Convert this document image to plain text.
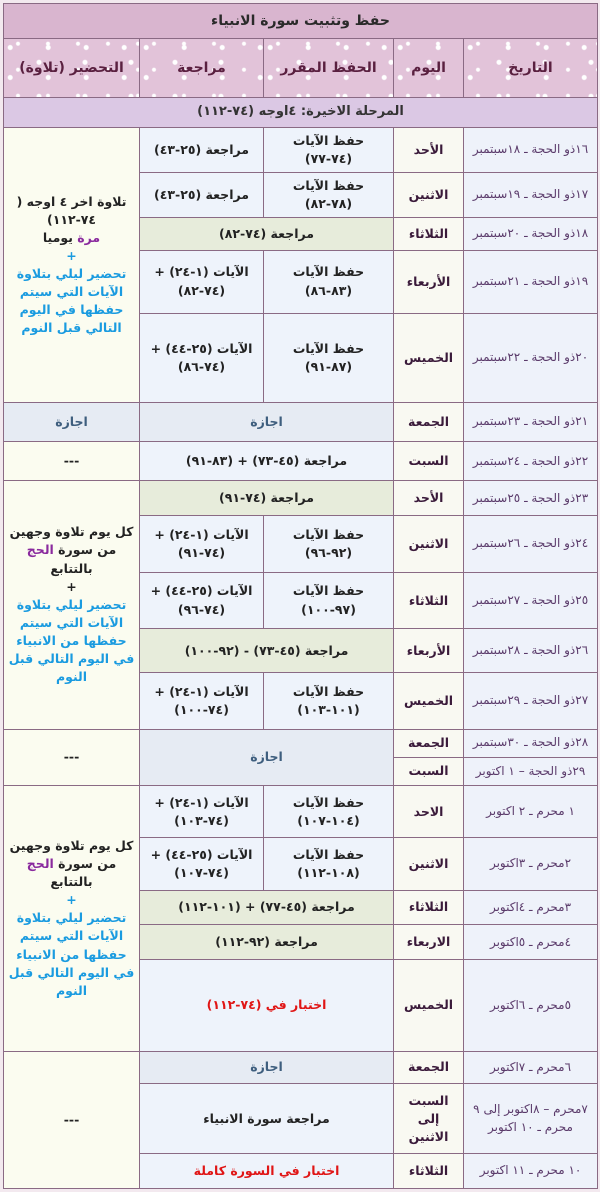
حفظ وتثبيت سورة الانبياء				
التاريخ	اليوم	الحفظ المقرر	مراجعة	التحضير (تلاوة)
المرحلة الاخيرة: ٤اوجه (٧٤-١١٢)				
١٦ذو الحجة ـ ١٨سبتمبر	الأحد	حفظ الآيات (٧٤-٧٧)	مراجعة (٢٥-٤٣)	تلاوة اخر ٤ اوجه ( ٧٤-١١٢)
مرة يوميا
+
تحضير ليلي بتلاوة الآيات التي سيتم حفظها في اليوم التالي قبل النوم
١٧ذو الحجة ـ ١٩سبتمبر	الاثنين	حفظ الآيات (٧٨-٨٢)	مراجعة (٢٥-٤٣)	
١٨ذو الحجة ـ ٢٠سبتمبر	الثلاثاء	مراجعة (٧٤-٨٢)		
١٩ذو الحجة ـ ٢١سبتمبر	الأربعاء	حفظ الآيات (٨٣-٨٦)	الآيات (١-٢٤) + (٧٤-٨٢)	
٢٠ذو الحجة ـ ٢٢سبتمبر	الخميس	حفظ الآيات (٨٧-٩١)	الآيات (٢٥-٤٤) + (٧٤-٨٦)	
٢١ذو الحجة ـ ٢٣سبتمبر	الجمعة	اجازة		اجازة
٢٢ذو الحجة ـ ٢٤سبتمبر	السبت	مراجعة (٤٥-٧٣) + (٨٣-٩١)		---
٢٣ذو الحجة ـ ٢٥سبتمبر	الأحد	مراجعة (٧٤-٩١)		كل يوم تلاوة وجهين من سورة الحج
بالتتابع
+
تحضير ليلي بتلاوة الآيات التي سيتم
حفظها من الانبياء في اليوم التالي قبل النوم
٢٤ذو الحجة ـ ٢٦سبتمبر	الاثنين	حفظ الآيات (٩٢-٩٦)	الآيات (١-٢٤) + (٧٤-٩١)	
٢٥ذو الحجة ـ ٢٧سبتمبر	الثلاثاء	حفظ الآيات (٩٧-١٠٠)	الآيات (٢٥-٤٤) + (٧٤-٩٦)	
٢٦ذو الحجة ـ ٢٨سبتمبر	الأربعاء	مراجعة (٤٥-٧٣) - (٩٢-١٠٠)		
٢٧ذو الحجة ـ ٢٩سبتمبر	الخميس	حفظ الآيات (١٠١-١٠٣)	الآيات (١-٢٤) + (٧٤-١٠٠)	
٢٨ذو الحجة ـ ٣٠سبتمبر	الجمعة	اجازة		---
٢٩ذو الحجة – ١ اكتوبر	السبت			
١ محرم ـ ٢ اكتوبر	الاحد	حفظ الآيات (١٠٤-١٠٧)	الآيات (١-٢٤) + (٧٤-١٠٣)	كل يوم تلاوة وجهين من سورة الحج
بالتتابع
+
تحضير ليلي بتلاوة الآيات التي سيتم
حفظها من الانبياء في اليوم التالي قبل النوم
٢محرم ـ ٣اكتوبر	الاثنين	حفظ الآيات (١٠٨-١١٢)	الآيات (٢٥-٤٤) + (٧٤-١٠٧)	
٣محرم ـ ٤اكتوبر	الثلاثاء	مراجعة (٤٥-٧٧) + (١٠١-١١٢)		
٤محرم ـ ٥اكتوبر	الاربعاء	مراجعة (٩٢-١١٢)		
٥محرم ـ ٦اكتوبر	الخميس	اختبار في (٧٤-١١٢)		
٦محرم ـ ٧اكتوبر	الجمعة	اجازة		---
٧محرم – ٨اكتوبر إلى ٩ محرم ـ ١٠ اكتوبر	السبت إلى الاثنين	مراجعة سورة الانبياء		
١٠ محرم ـ ١١ اكتوبر	الثلاثاء	اختبار في السورة كاملة		
